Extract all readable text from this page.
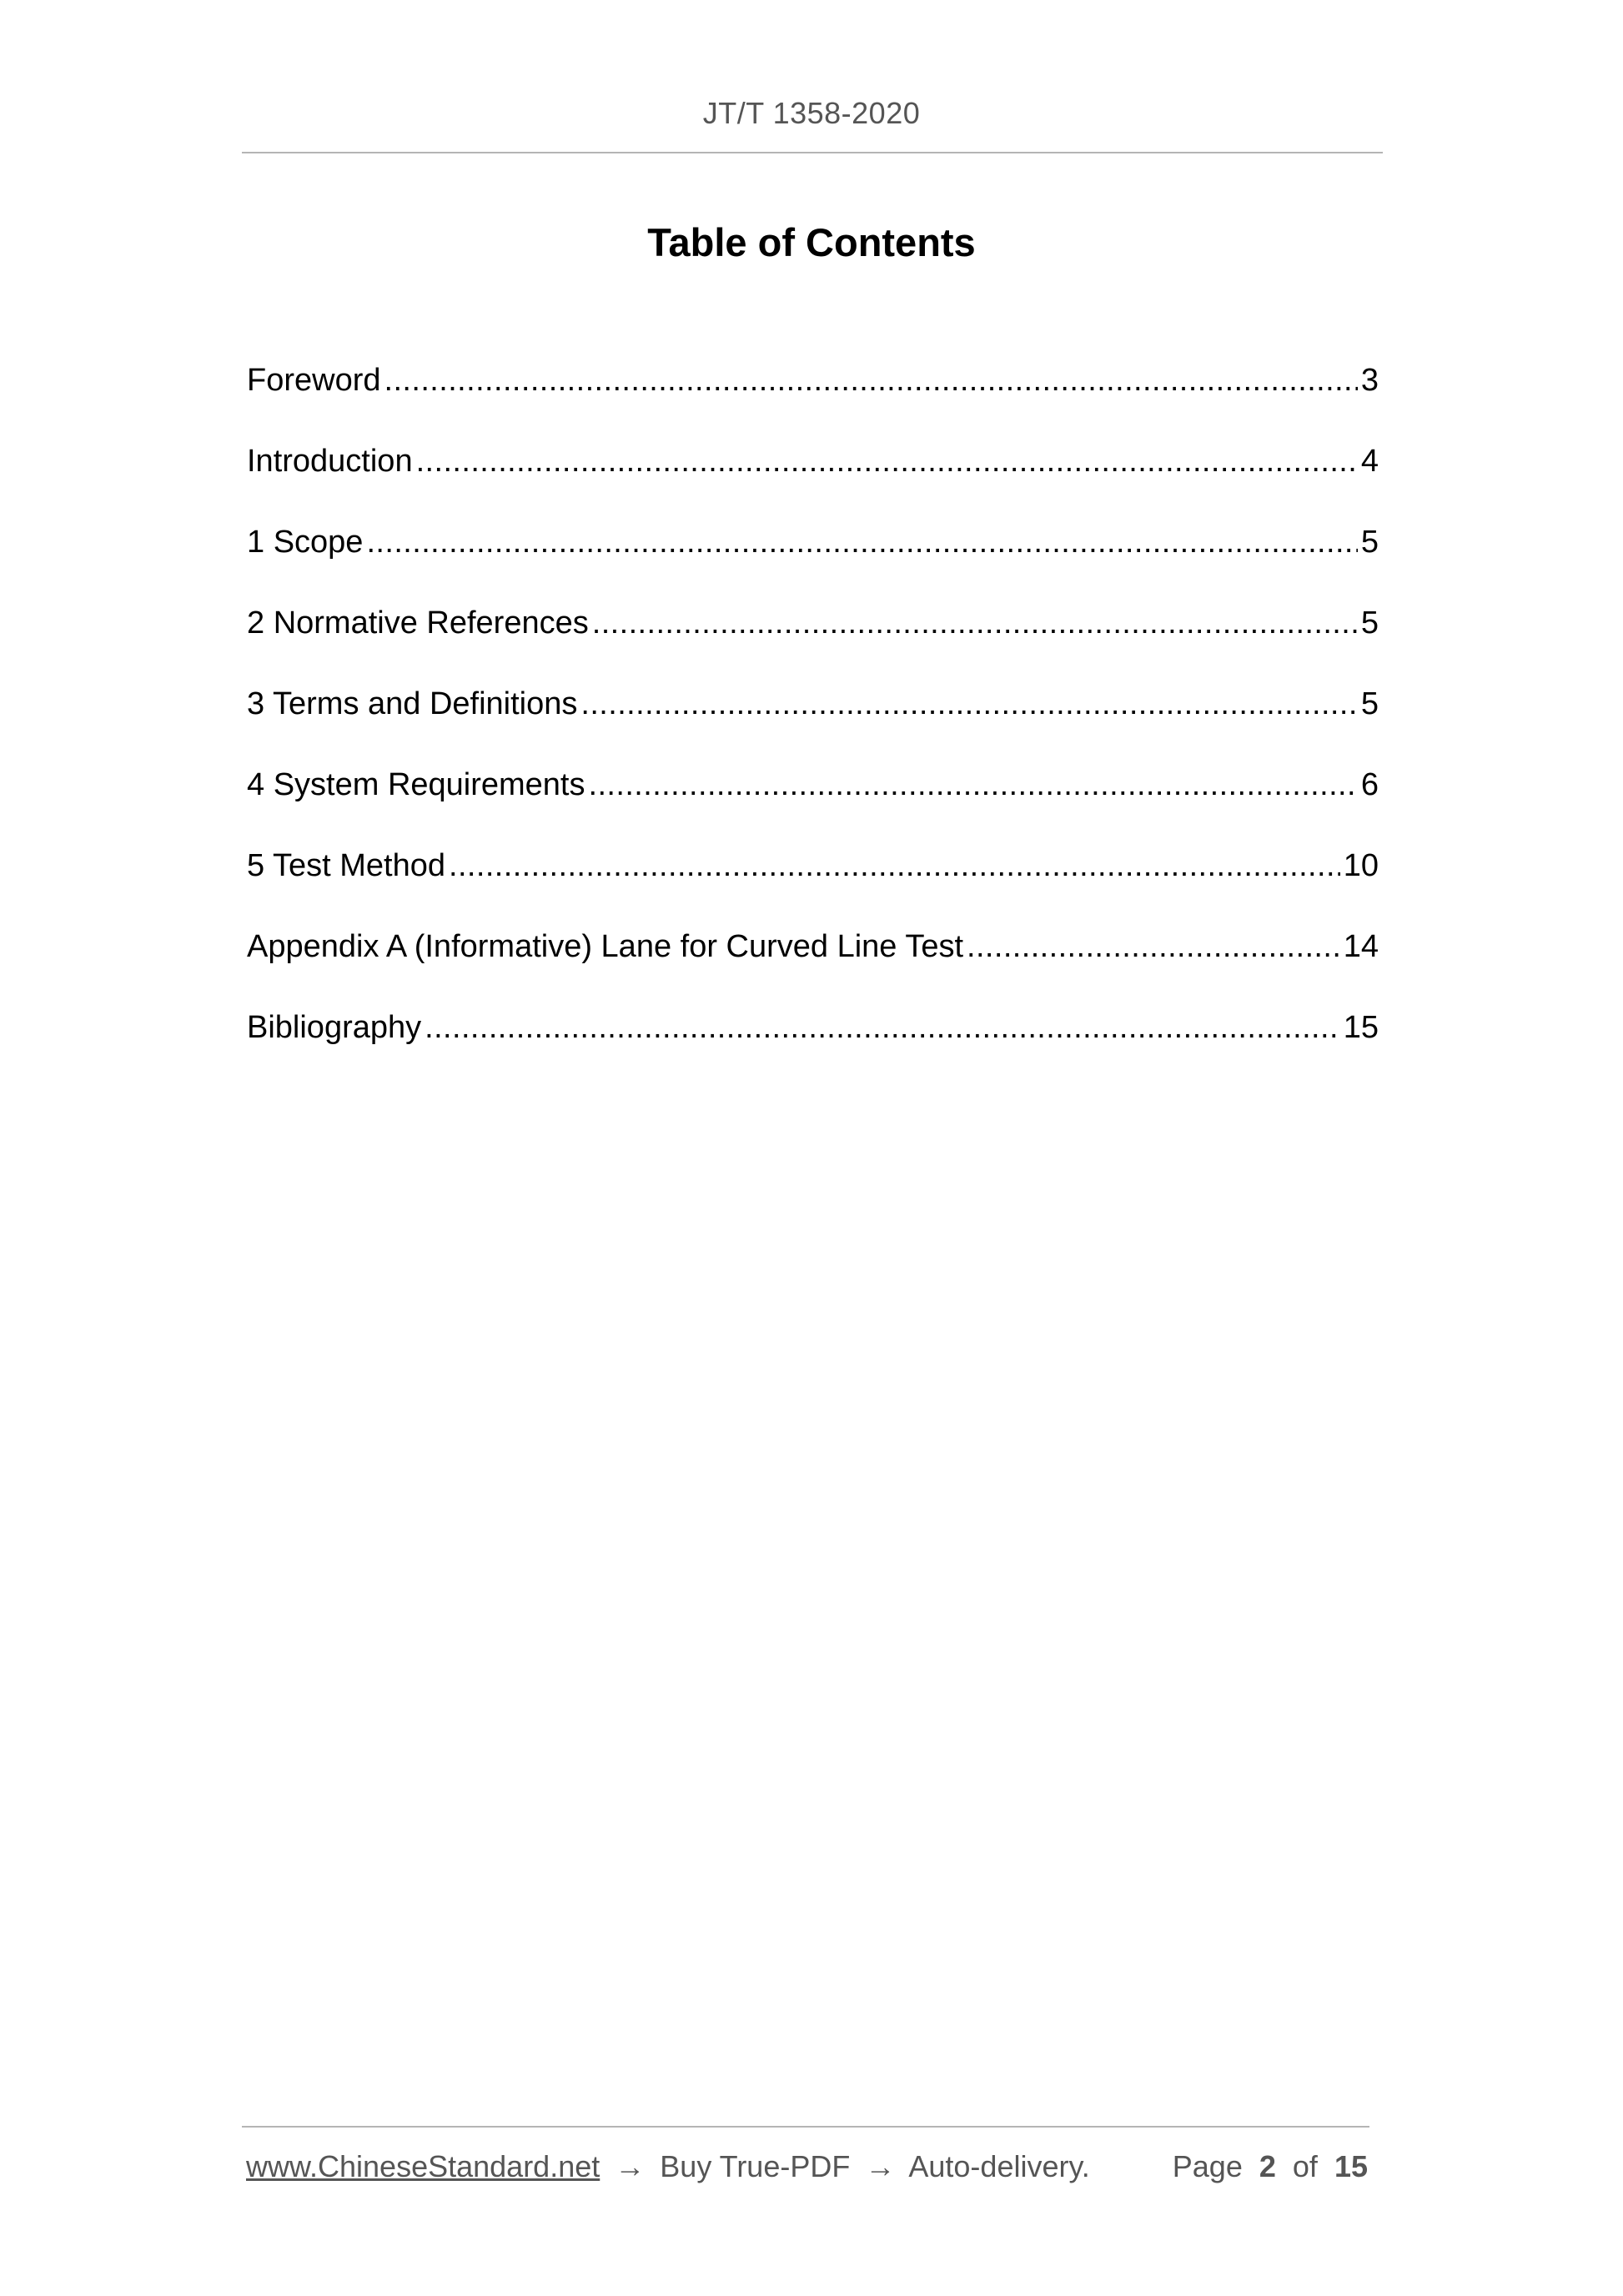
JT/T 1358-2020
Table of Contents
Foreword .....	3
Introduction .....	4
1 Scope .....	5
2 Normative References .....	5
3 Terms and Definitions .....	5
4 System Requirements .....	6
5 Test Method .....	10
Appendix A (Informative) Lane for Curved Line Test .....	14
Bibliography .....	15
www.ChineseStandard.net → Buy True-PDF → Auto-delivery.	Page 2 of 15
